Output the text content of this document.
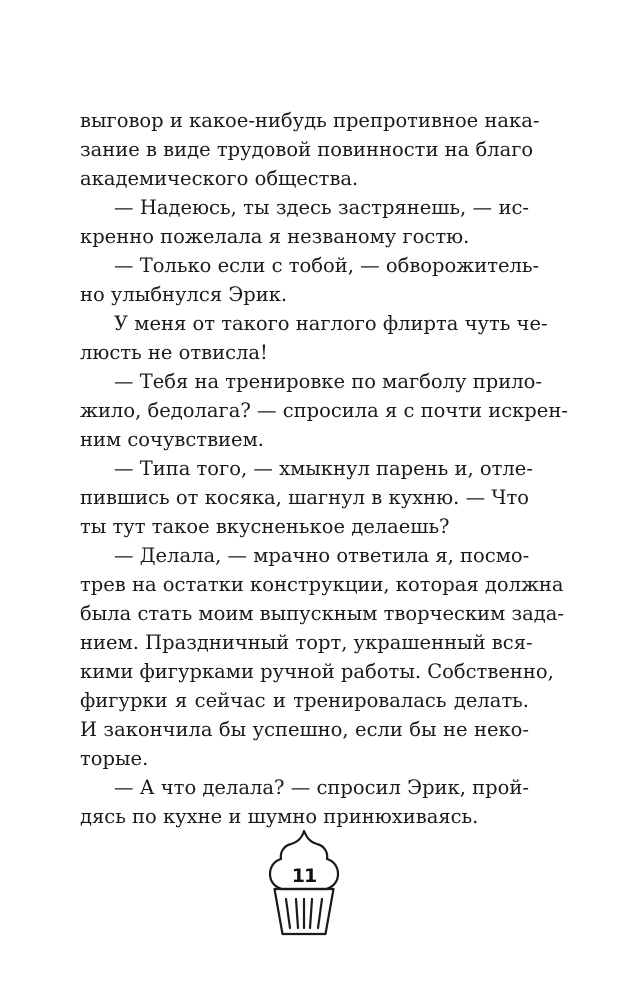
выговор и какое-нибудь препротивное нака-
зание в виде трудовой повинности на благо
академического общества.
— Надеюсь, ты здесь застрянешь, — ис-
кренно пожелала я незваному гостю.
— Только если с тобой, — обворожитель-
но улыбнулся Эрик.
У меня от такого наглого флирта чуть че-
люсть не отвисла!
— Тебя на тренировке по магболу прило-
жило, бедолага? — спросила я с почти искрен-
ним сочувствием.
— Типа того, — хмыкнул парень и, отле-
пившись от косяка, шагнул в кухню. — Что
ты тут такое вкусненькое делаешь?
— Делала, — мрачно ответила я, посмо-
трев на остатки конструкции, которая должна
была стать моим выпускным творческим зада-
нием. Праздничный торт, украшенный вся-
кими фигурками ручной работы. Собственно,
фигурки я сейчас и тренировалась делать.
И закончила бы успешно, если бы не неко-
торые.
— А что делала? — спросил Эрик, прой-
дясь по кухне и шумно принюхиваясь.
11
